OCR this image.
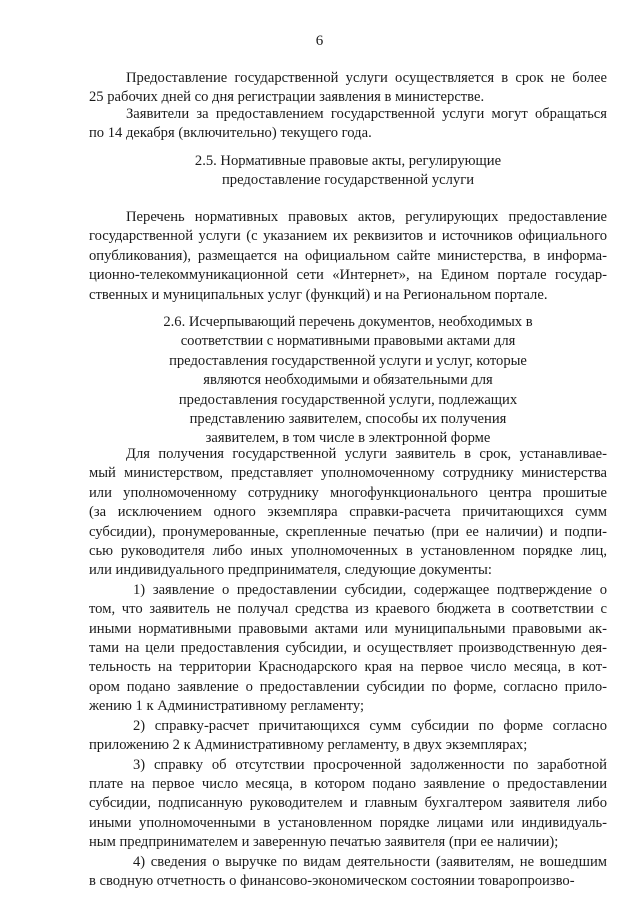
6

Предоставление государственной услуги осуществляется в срок не более

25 рабочих дней со дня регистрации заявления в министерстве.

Заявители за предоставлением государственной услуги могут обращаться

по 14 декабря (включительно) текущего года.

2.5. Нормативные правовые акты, регулирующие
предоставление государственной услуги

Перечень нормативных правовых актов, регулирующих предоставление

государственной услуги (с указанием их реквизитов и источников официального

опубликования), размещается на официальном сайте министерства, в информа-

ционно-телекоммуникационной сети «Интернет», на Едином портале государ-

ственных и муниципальных услуг (функций) и на Региональном портале.

2.6. Исчерпывающий перечень документов, необходимых в
соответствии с нормативными правовыми актами для
предоставления государственной услуги и услуг, которые
являются необходимыми и обязательными для
предоставления государственной услуги, подлежащих
представлению заявителем, способы их получения
заявителем, в том числе в электронной форме

Для получения государственной услуги заявитель в срок, устанавливае-

мый министерством, представляет уполномоченному сотруднику министерства

или уполномоченному сотруднику многофункционального центра прошитые

(за исключением одного экземпляра справки-расчета причитающихся сумм

субсидии), пронумерованные, скрепленные печатью (при ее наличии) и подпи-

сью руководителя либо иных уполномоченных в установленном порядке лиц,

или индивидуального предпринимателя, следующие документы:

1) заявление о предоставлении субсидии, содержащее подтверждение о

том, что заявитель не получал средства из краевого бюджета в соответствии с

иными нормативными правовыми актами или муниципальными правовыми ак-

тами на цели предоставления субсидии, и осуществляет производственную дея-

тельность на территории Краснодарского края на первое число месяца, в кот-

ором подано заявление о предоставлении субсидии по форме, согласно прило-

жению 1 к Административному регламенту;

2) справку-расчет причитающихся сумм субсидии по форме согласно

приложению 2 к Административному регламенту, в двух экземплярах;

3) справку об отсутствии просроченной задолженности по заработной

плате на первое число месяца, в котором подано заявление о предоставлении

субсидии, подписанную руководителем и главным бухгалтером заявителя либо

иными уполномоченными в установленном порядке лицами или индивидуаль-

ным предпринимателем и заверенную печатью заявителя (при ее наличии);

4) сведения о выручке по видам деятельности (заявителям, не вошедшим

в сводную отчетность о финансово-экономическом состоянии товаропроизво-
